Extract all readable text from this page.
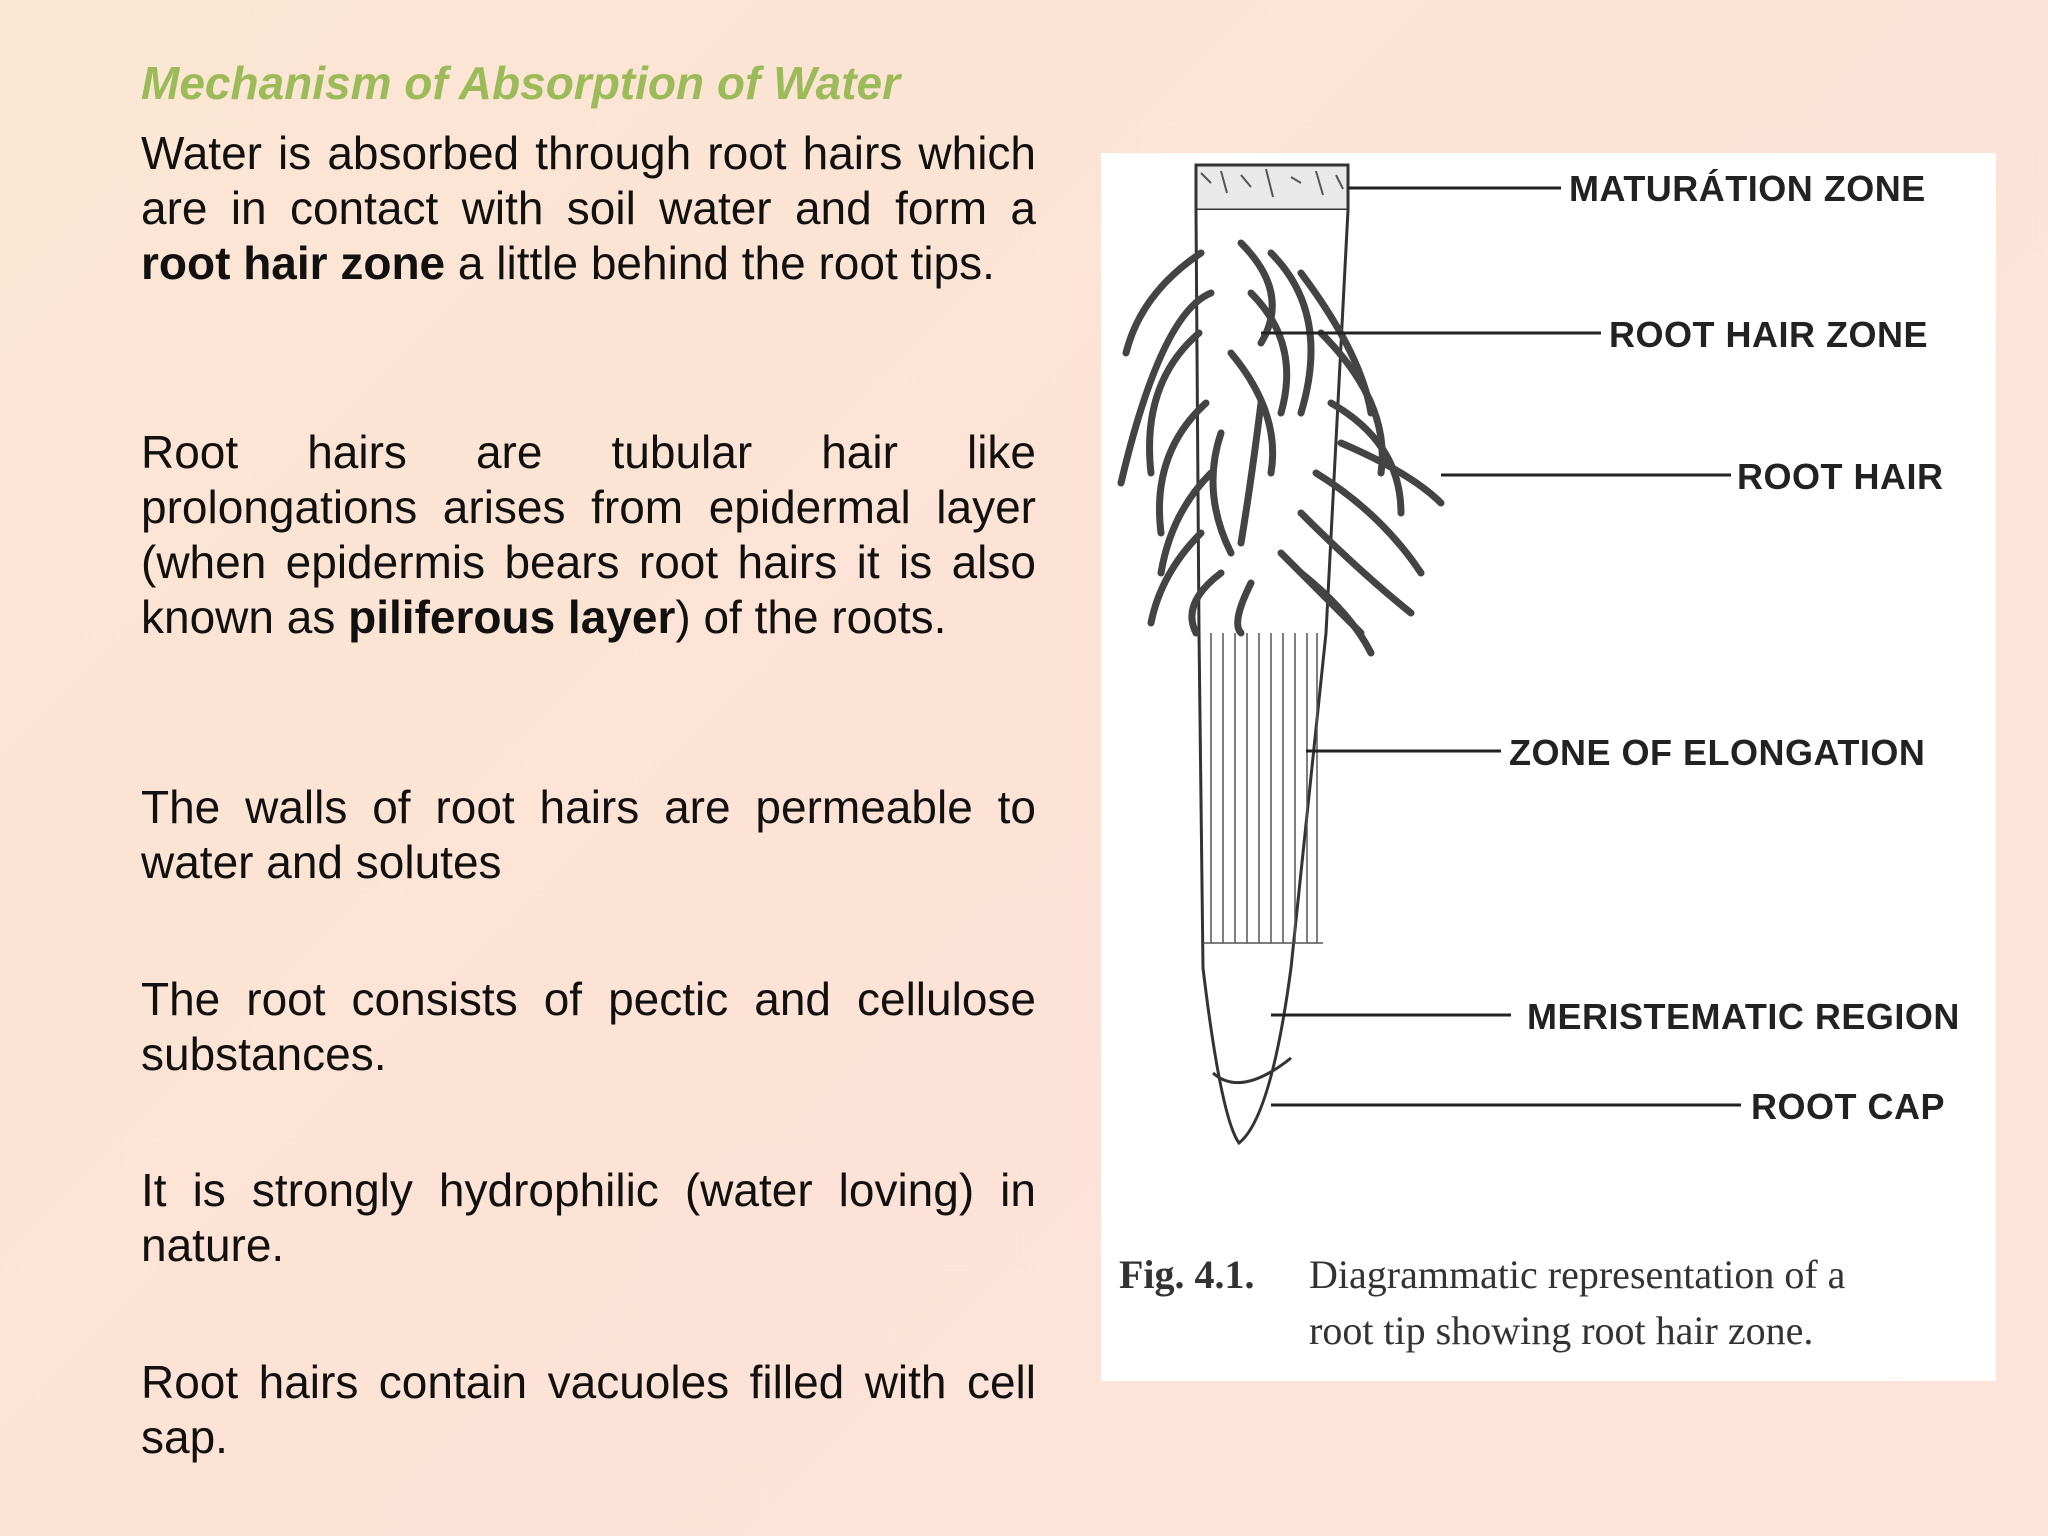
Mechanism of Absorption of Water

Water is absorbed through root hairs which are in contact with soil water and form a root hair zone a little behind the root tips.

Root hairs are tubular hair like prolongations arises from epidermal layer (when epidermis bears root hairs it is also known as piliferous layer) of the roots.

The walls of root hairs are permeable to water and solutes

The root consists of pectic and cellulose substances.

It is strongly hydrophilic (water loving) in nature.

Root hairs contain vacuoles filled with cell sap.

MATURÁTION ZONE
ROOT HAIR ZONE
ROOT HAIR
ZONE OF ELONGATION
MERISTEMATIC REGION
ROOT CAP
Fig. 4.1. Diagrammatic representation of a
root tip showing root hair zone.
